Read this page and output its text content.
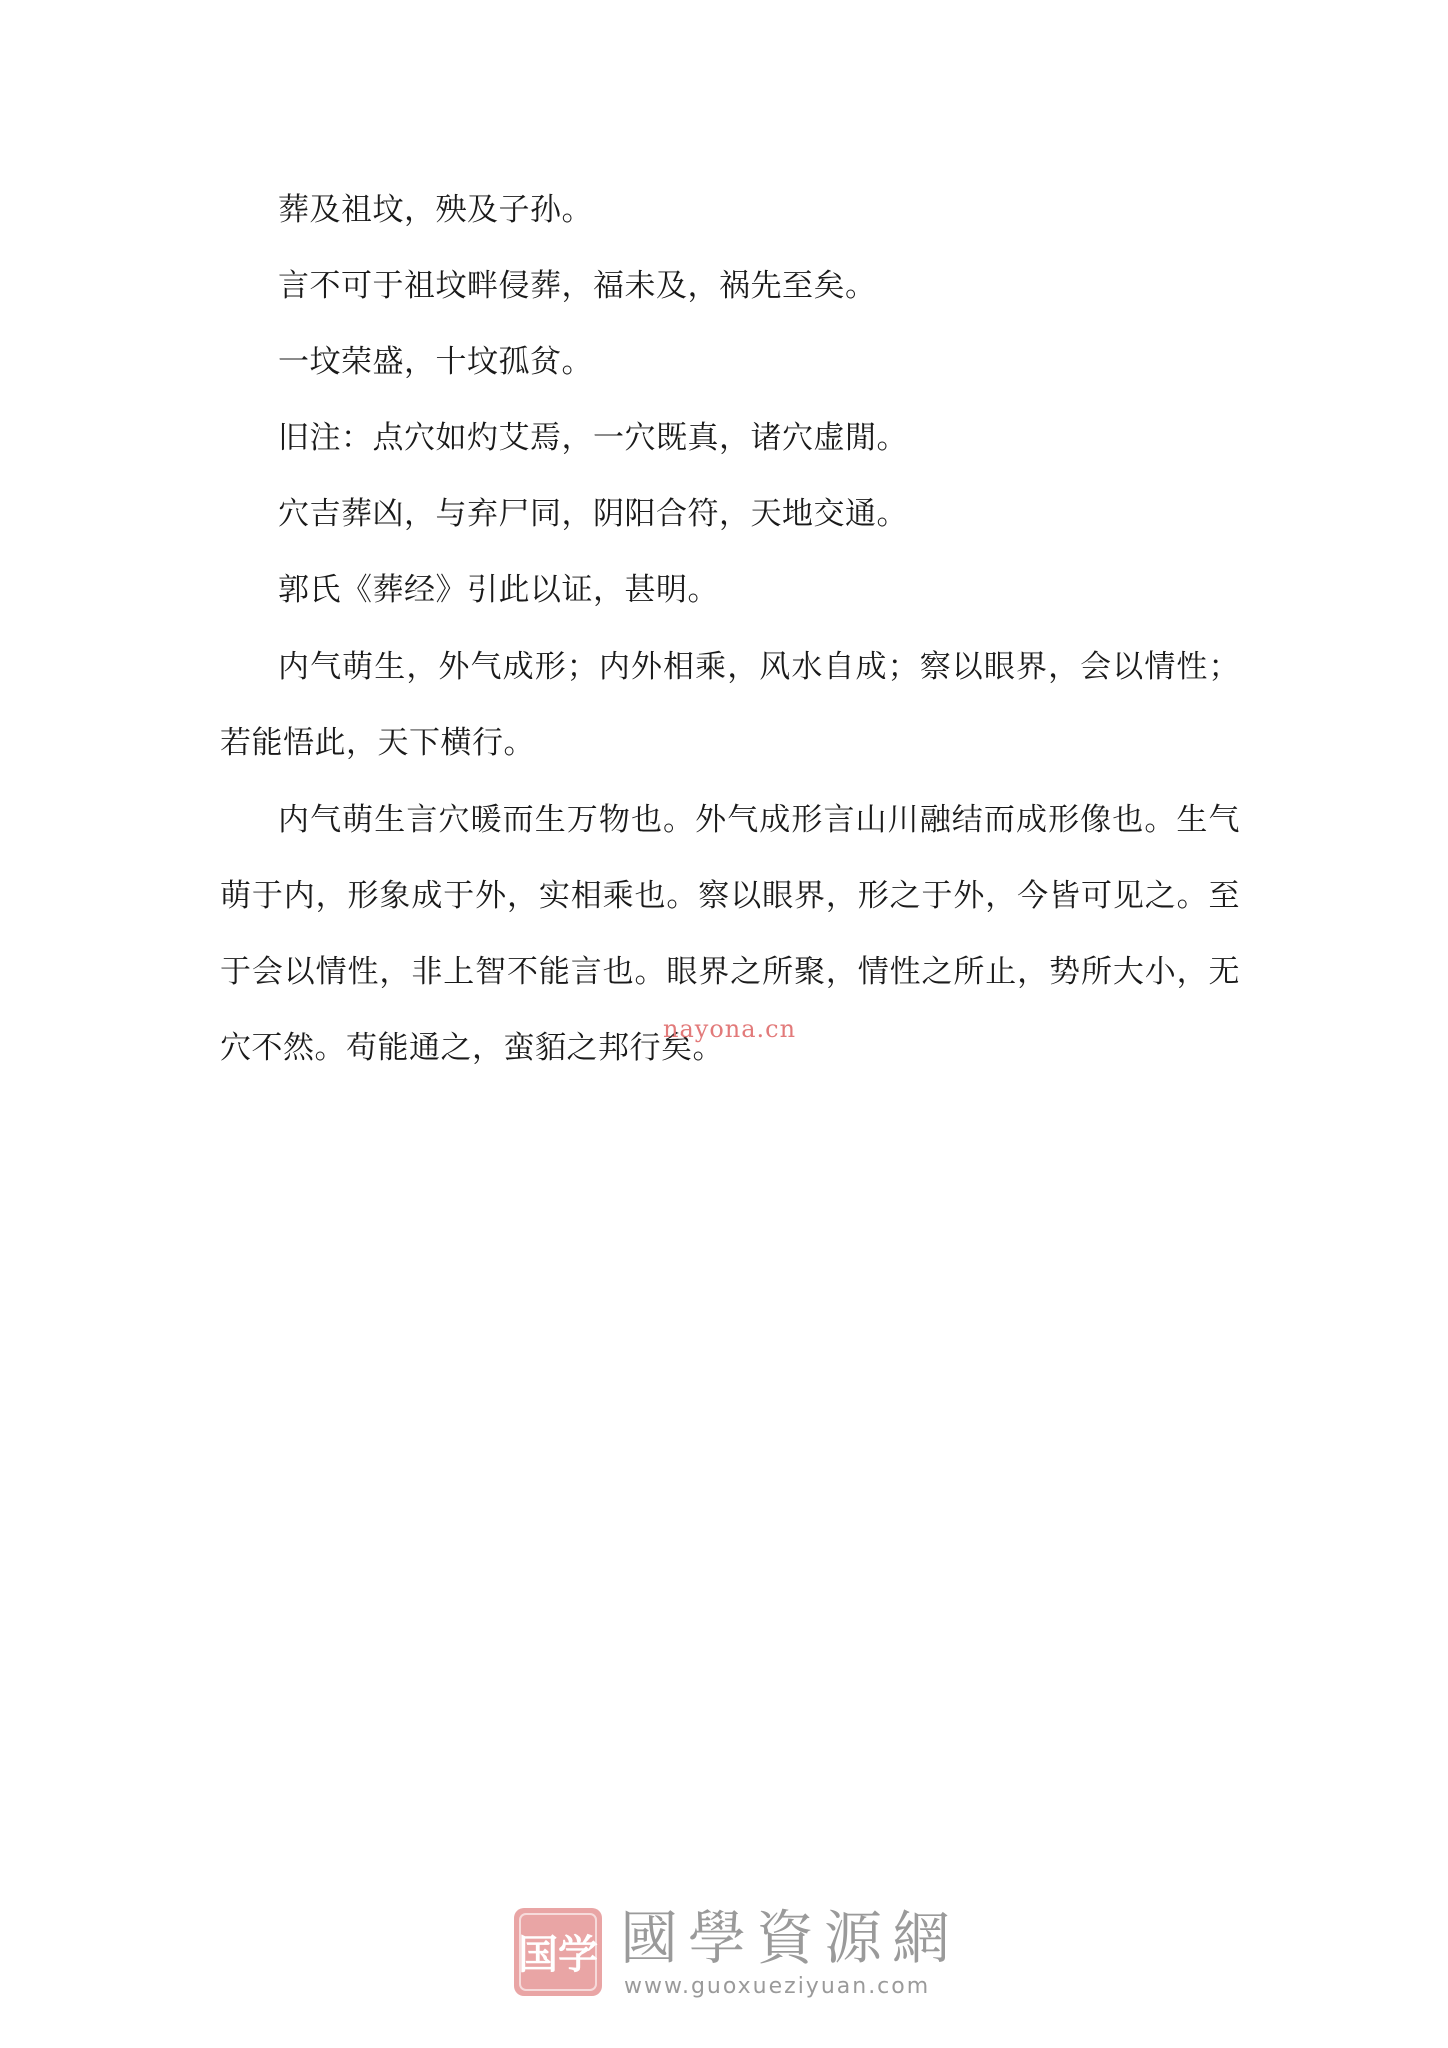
葬及祖坟，殃及子孙。

言不可于祖坟畔侵葬，福未及，祸先至矣。

一坟荣盛，十坟孤贫。

旧注：点穴如灼艾焉，一穴既真，诸穴虚閒。

穴吉葬凶，与弃尸同，阴阳合符，天地交通。

郭氏《葬经》引此以证，甚明。

内气萌生，外气成形；内外相乘，风水自成；察以眼界，会以情性；若能悟此，天下横行。

内气萌生言穴暖而生万物也。外气成形言山川融结而成形像也。生气萌于内，形象成于外，实相乘也。察以眼界，形之于外，今皆可见之。至于会以情性，非上智不能言也。眼界之所聚，情性之所止，势所大小，无穴不然。苟能通之，蛮貊之邦行矣。

nayona.cn
国学 國學資源網
www.guoxueziyuan.com
